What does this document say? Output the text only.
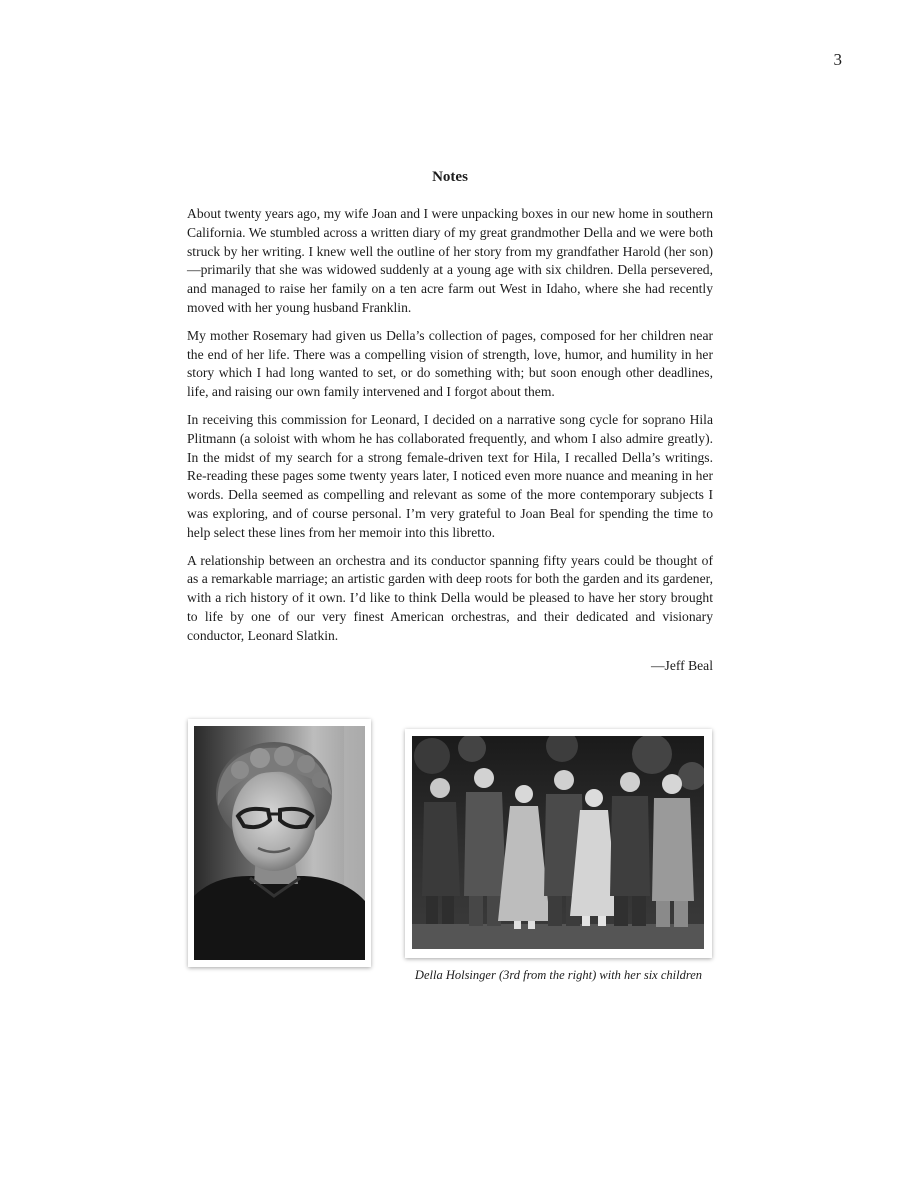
3
Notes

About twenty years ago, my wife Joan and I were unpacking boxes in our new home in southern California. We stumbled across a written diary of my great grandmother Della and we were both struck by her writing. I knew well the outline of her story from my grandfather Harold (her son)—primarily that she was widowed suddenly at a young age with six children. Della persevered, and managed to raise her family on a ten acre farm out West in Idaho, where she had recently moved with her young husband Franklin.

My mother Rosemary had given us Della’s collection of pages, composed for her children near the end of her life. There was a compelling vision of strength, love, humor, and humility in her story which I had long wanted to set, or do something with; but soon enough other deadlines, life, and raising our own family intervened and I forgot about them.

In receiving this commission for Leonard, I decided on a narrative song cycle for soprano Hila Plitmann (a soloist with whom he has collaborated frequently, and whom I also admire greatly). In the midst of my search for a strong female-driven text for Hila, I recalled Della’s writings. Re-reading these pages some twenty years later, I noticed even more nuance and meaning in her words. Della seemed as compelling and relevant as some of the more contemporary subjects I was exploring, and of course personal. I’m very grateful to Joan Beal for spending the time to help select these lines from her memoir into this libretto.

A relationship between an orchestra and its conductor spanning fifty years could be thought of as a remarkable marriage; an artistic garden with deep roots for both the garden and its gardener, with a rich history of it own. I’d like to think Della would be pleased to have her story brought to life by one of our very finest American orchestras, and their dedicated and visionary conductor, Leonard Slatkin.

—Jeff Beal
Della Holsinger (3rd from the right) with her six children
